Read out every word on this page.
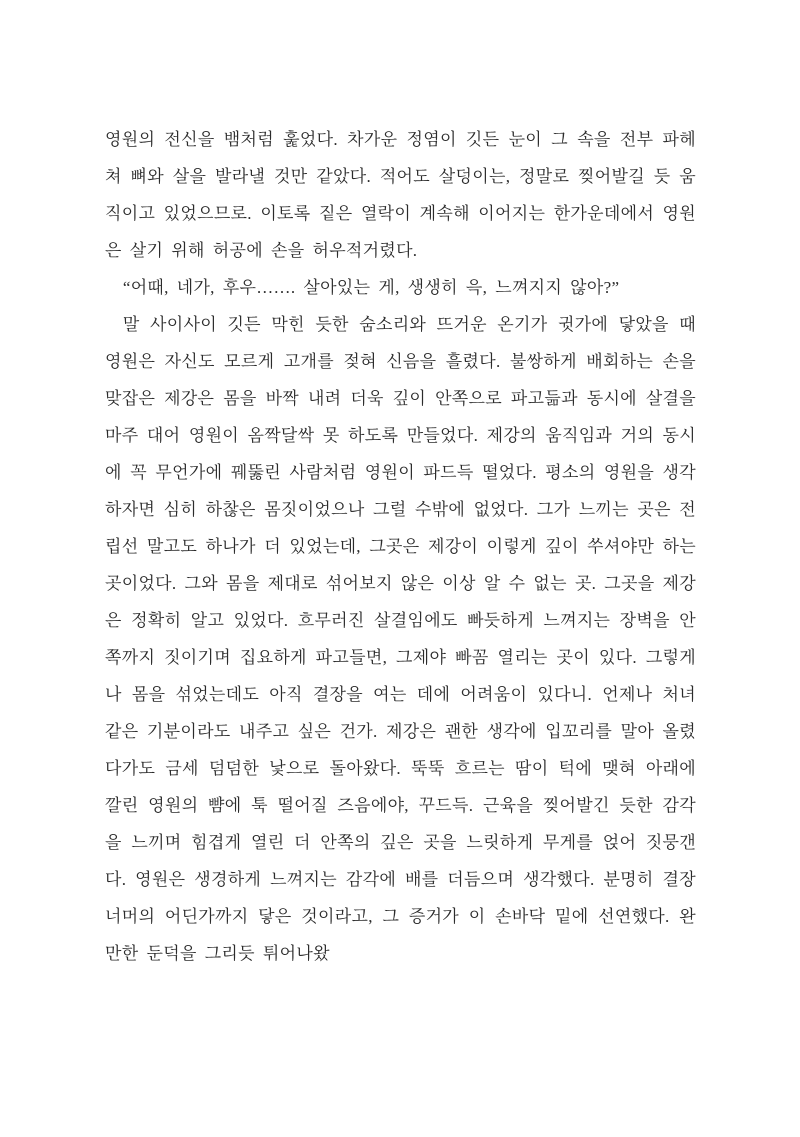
영원의 전신을 뱀처럼 훑었다. 차가운 정염이 깃든 눈이 그 속을 전부 파헤쳐 뼈와 살을 발라낼 것만 같았다. 적어도 살덩이는, 정말로 찢어발길 듯 움직이고 있었으므로. 이토록 짙은 열락이 계속해 이어지는 한가운데에서 영원은 살기 위해 허공에 손을 허우적거렸다.

“어때, 네가, 후우……. 살아있는 게, 생생히 윽, 느껴지지 않아?”

말 사이사이 깃든 막힌 듯한 숨소리와 뜨거운 온기가 귓가에 닿았을 때 영원은 자신도 모르게 고개를 젖혀 신음을 흘렸다. 불쌍하게 배회하는 손을 맞잡은 제강은 몸을 바짝 내려 더욱 깊이 안쪽으로 파고듦과 동시에 살결을 마주 대어 영원이 옴짝달싹 못 하도록 만들었다. 제강의 움직임과 거의 동시에 꼭 무언가에 꿰뚫린 사람처럼 영원이 파드득 떨었다. 평소의 영원을 생각하자면 심히 하찮은 몸짓이었으나 그럴 수밖에 없었다. 그가 느끼는 곳은 전립선 말고도 하나가 더 있었는데, 그곳은 제강이 이렇게 깊이 쑤셔야만 하는 곳이었다. 그와 몸을 제대로 섞어보지 않은 이상 알 수 없는 곳. 그곳을 제강은 정확히 알고 있었다. 흐무러진 살결임에도 빠듯하게 느껴지는 장벽을 안쪽까지 짓이기며 집요하게 파고들면, 그제야 빠꼼 열리는 곳이 있다. 그렇게나 몸을 섞었는데도 아직 결장을 여는 데에 어려움이 있다니. 언제나 처녀 같은 기분이라도 내주고 싶은 건가. 제강은 괜한 생각에 입꼬리를 말아 올렸다가도 금세 덤덤한 낯으로 돌아왔다. 뚝뚝 흐르는 땀이 턱에 맺혀 아래에 깔린 영원의 뺨에 툭 떨어질 즈음에야, 꾸드득. 근육을 찢어발긴 듯한 감각을 느끼며 힘겹게 열린 더 안쪽의 깊은 곳을 느릿하게 무게를 얹어 짓뭉갠다. 영원은 생경하게 느껴지는 감각에 배를 더듬으며 생각했다. 분명히 결장 너머의 어딘가까지 닿은 것이라고, 그 증거가 이 손바닥 밑에 선연했다. 완만한 둔덕을 그리듯 튀어나왔
